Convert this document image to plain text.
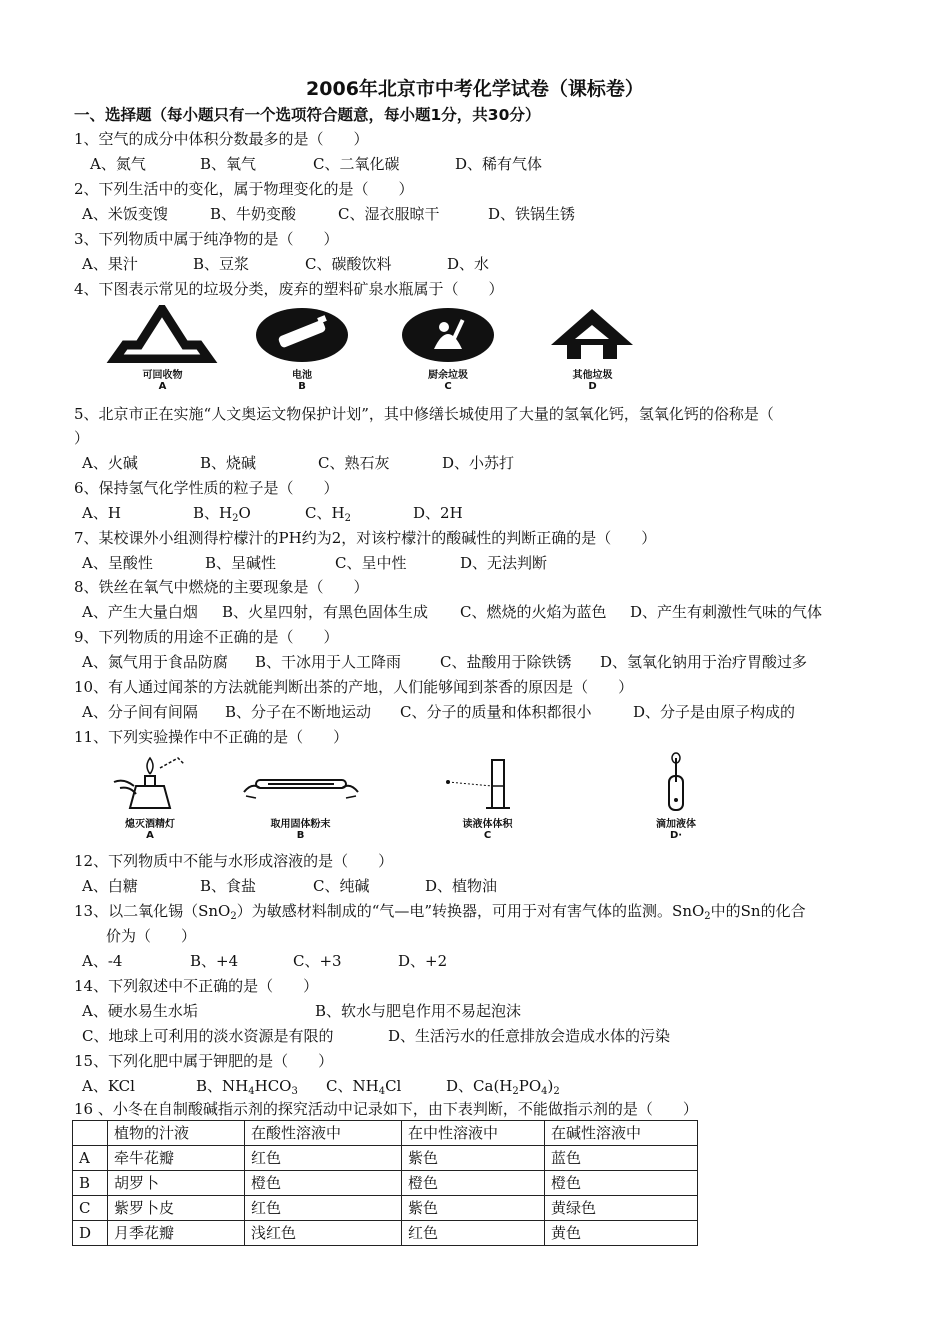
2006年北京市中考化学试卷（课标卷）
一、选择题（每小题只有一个选项符合题意，每小题1分，共30分）
1、空气的成分中体积分数最多的是（　　）
A、氮气	B、氧气	C、二氧化碳	D、稀有气体
2、下列生活中的变化，属于物理变化的是（　　）
A、米饭变馊	B、牛奶变酸	C、湿衣服晾干	D、铁锅生锈
3、下列物质中属于纯净物的是（　　）
A、果汁	B、豆浆	C、碳酸饮料	D、水
4、下图表示常见的垃圾分类，废弃的塑料矿泉水瓶属于（　　）
可回收物
A
电池
B
厨余垃圾
C
其他垃圾
D
5、北京市正在实施“人文奥运文物保护计划”，其中修缮长城使用了大量的氢氧化钙，氢氧化钙的俗称是（
）
A、火碱	B、烧碱	C、熟石灰	D、小苏打
6、保持氢气化学性质的粒子是（　　）
A、H	B、$H_2O$	C、$H_2$	D、2H
7、某校课外小组测得柠檬汁的PH约为2，对该柠檬汁的酸碱性的判断正确的是（　　）
A、呈酸性	B、呈碱性	C、呈中性	D、无法判断
8、铁丝在氧气中燃烧的主要现象是（　　）
A、产生大量白烟 B、火星四射，有黑色固体生成 C、燃烧的火焰为蓝色 D、产生有刺激性气味的气体
9、下列物质的用途不正确的是（　　）
A、氮气用于食品防腐 B、干冰用于人工降雨	C、盐酸用于除铁锈 D、氢氧化钠用于治疗胃酸过多
10、有人通过闻茶的方法就能判断出茶的产地，人们能够闻到茶香的原因是（　　）
A、分子间有间隔 B、分子在不断地运动 C、分子的质量和体积都很小	D、分子是由原子构成的
11、下列实验操作中不正确的是（　　）
熄灭酒精灯
A
取用固体粉末
B
读液体体积
C
滴加液体
D·
12、下列物质中不能与水形成溶液的是（　　）
A、白糖	B、食盐	C、纯碱	D、植物油
13、以二氧化锡（SnO$_2$）为敏感材料制成的“气—电”转换器，可用于对有害气体的监测。SnO$_2$中的Sn的化合
价为（　　）
A、-4	B、+4	C、+3	D、+2
14、下列叙述中不正确的是（　　）
A、硬水易生水垢	B、软水与肥皂作用不易起泡沫
C、地球上可利用的淡水资源是有限的	D、生活污水的任意排放会造成水体的污染
15、下列化肥中属于钾肥的是（　　）
A、KCl	B、$NH_4HCO_3$ C、$NH_4Cl$	D、$Ca(H_2PO_4)_2$
16 、小冬在自制酸碱指示剂的探究活动中记录如下，由下表判断，不能做指示剂的是（　　）
	植物的汁液	在酸性溶液中	在中性溶液中	在碱性溶液中
A	牵牛花瓣	红色	紫色	蓝色
B	胡罗卜	橙色	橙色	橙色
C	紫罗卜皮	红色	紫色	黄绿色
D	月季花瓣	浅红色	红色	黄色
